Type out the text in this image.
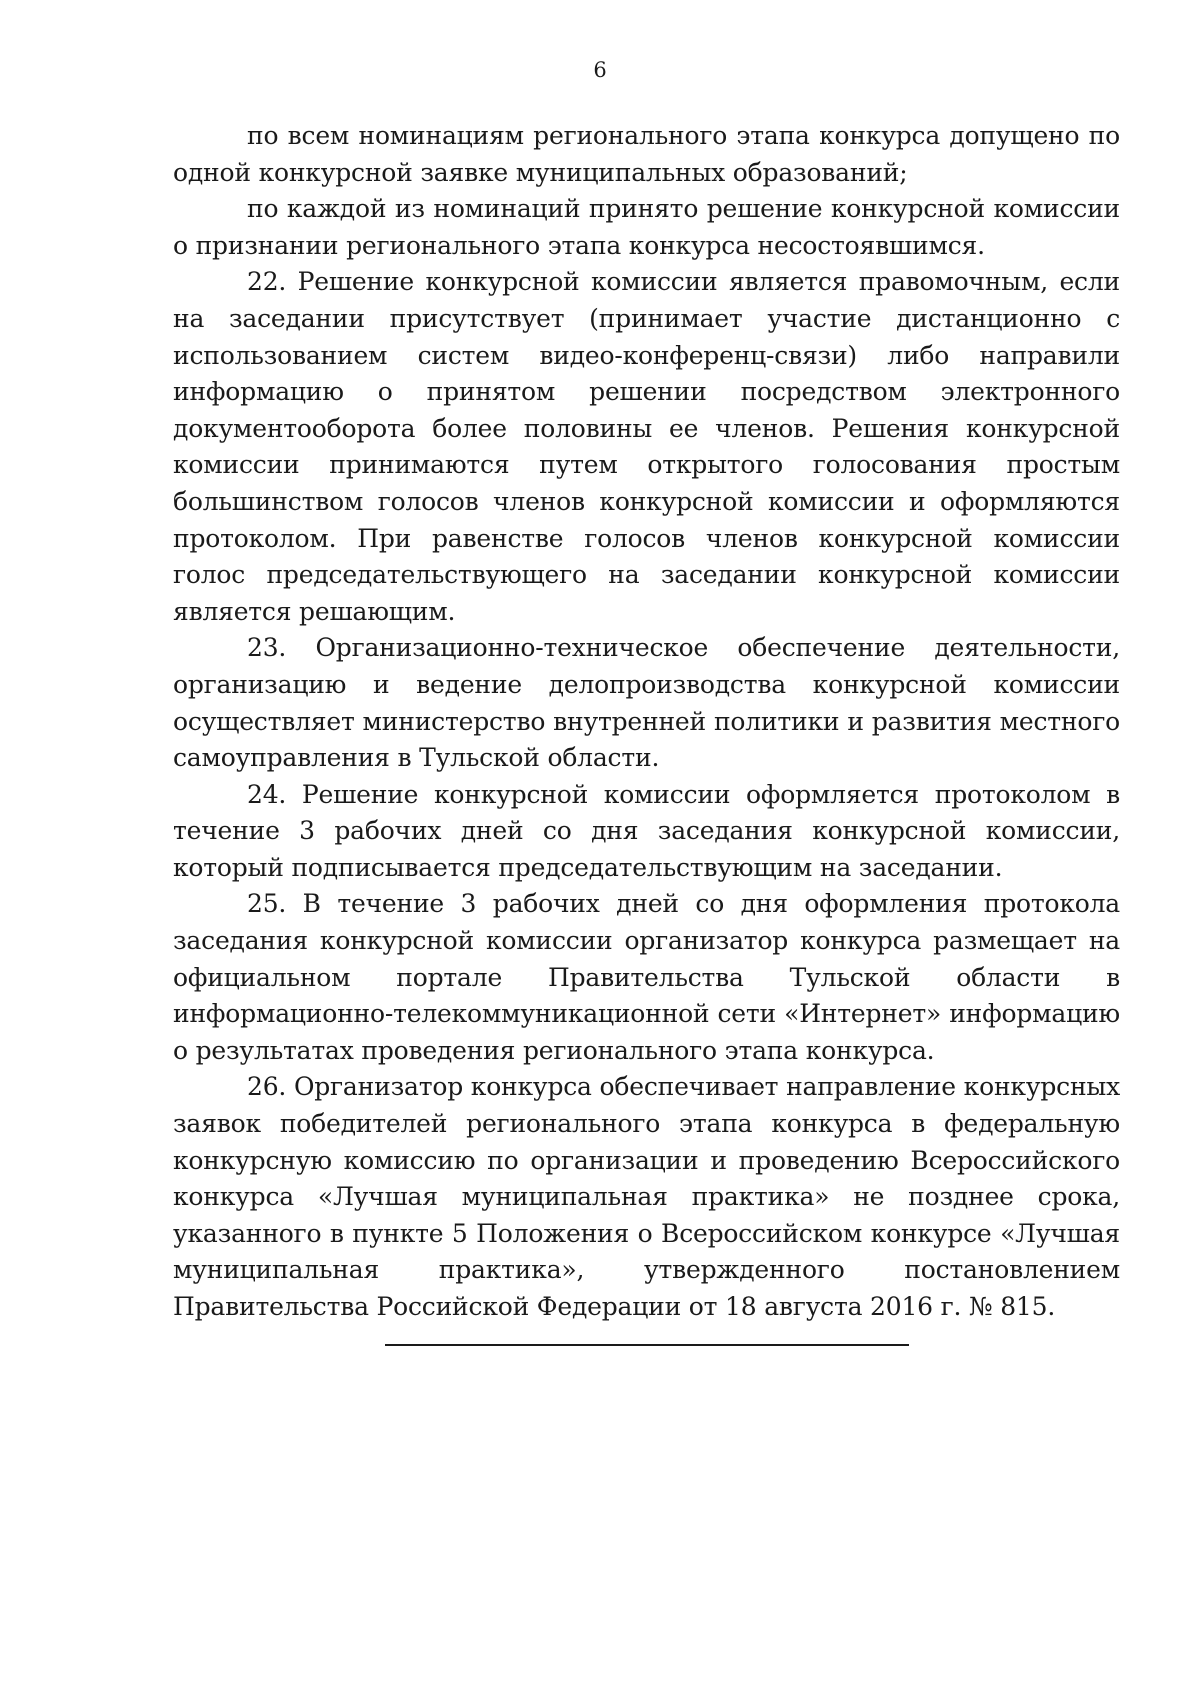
6

по всем номинациям регионального этапа конкурса допущено по одной конкурсной заявке муниципальных образований;

по каждой из номинаций принято решение конкурсной комиссии о признании регионального этапа конкурса несостоявшимся.

22. Решение конкурсной комиссии является правомочным, если на заседании присутствует (принимает участие дистанционно с использованием систем видео-конференц-связи) либо направили информацию о принятом решении посредством электронного документооборота более половины ее членов. Решения конкурсной комиссии принимаются путем открытого голосования простым большинством голосов членов конкурсной комиссии и оформляются протоколом. При равенстве голосов членов конкурсной комиссии голос председательствующего на заседании конкурсной комиссии является решающим.

23. Организационно-техническое обеспечение деятельности, организацию и ведение делопроизводства конкурсной комиссии осуществляет министерство внутренней политики и развития местного самоуправления в Тульской области.

24. Решение конкурсной комиссии оформляется протоколом в течение 3 рабочих дней со дня заседания конкурсной комиссии, который подписывается председательствующим на заседании.

25. В течение 3 рабочих дней со дня оформления протокола заседания конкурсной комиссии организатор конкурса размещает на официальном портале Правительства Тульской области в информационно-телекоммуникационной сети «Интернет» информацию о результатах проведения регионального этапа конкурса.

26. Организатор конкурса обеспечивает направление конкурсных заявок победителей регионального этапа конкурса в федеральную конкурсную комиссию по организации и проведению Всероссийского конкурса «Лучшая муниципальная практика» не позднее срока, указанного в пункте 5 Положения о Всероссийском конкурсе «Лучшая муниципальная практика», утвержденного постановлением Правительства Российской Федерации от 18 августа 2016 г. № 815.
